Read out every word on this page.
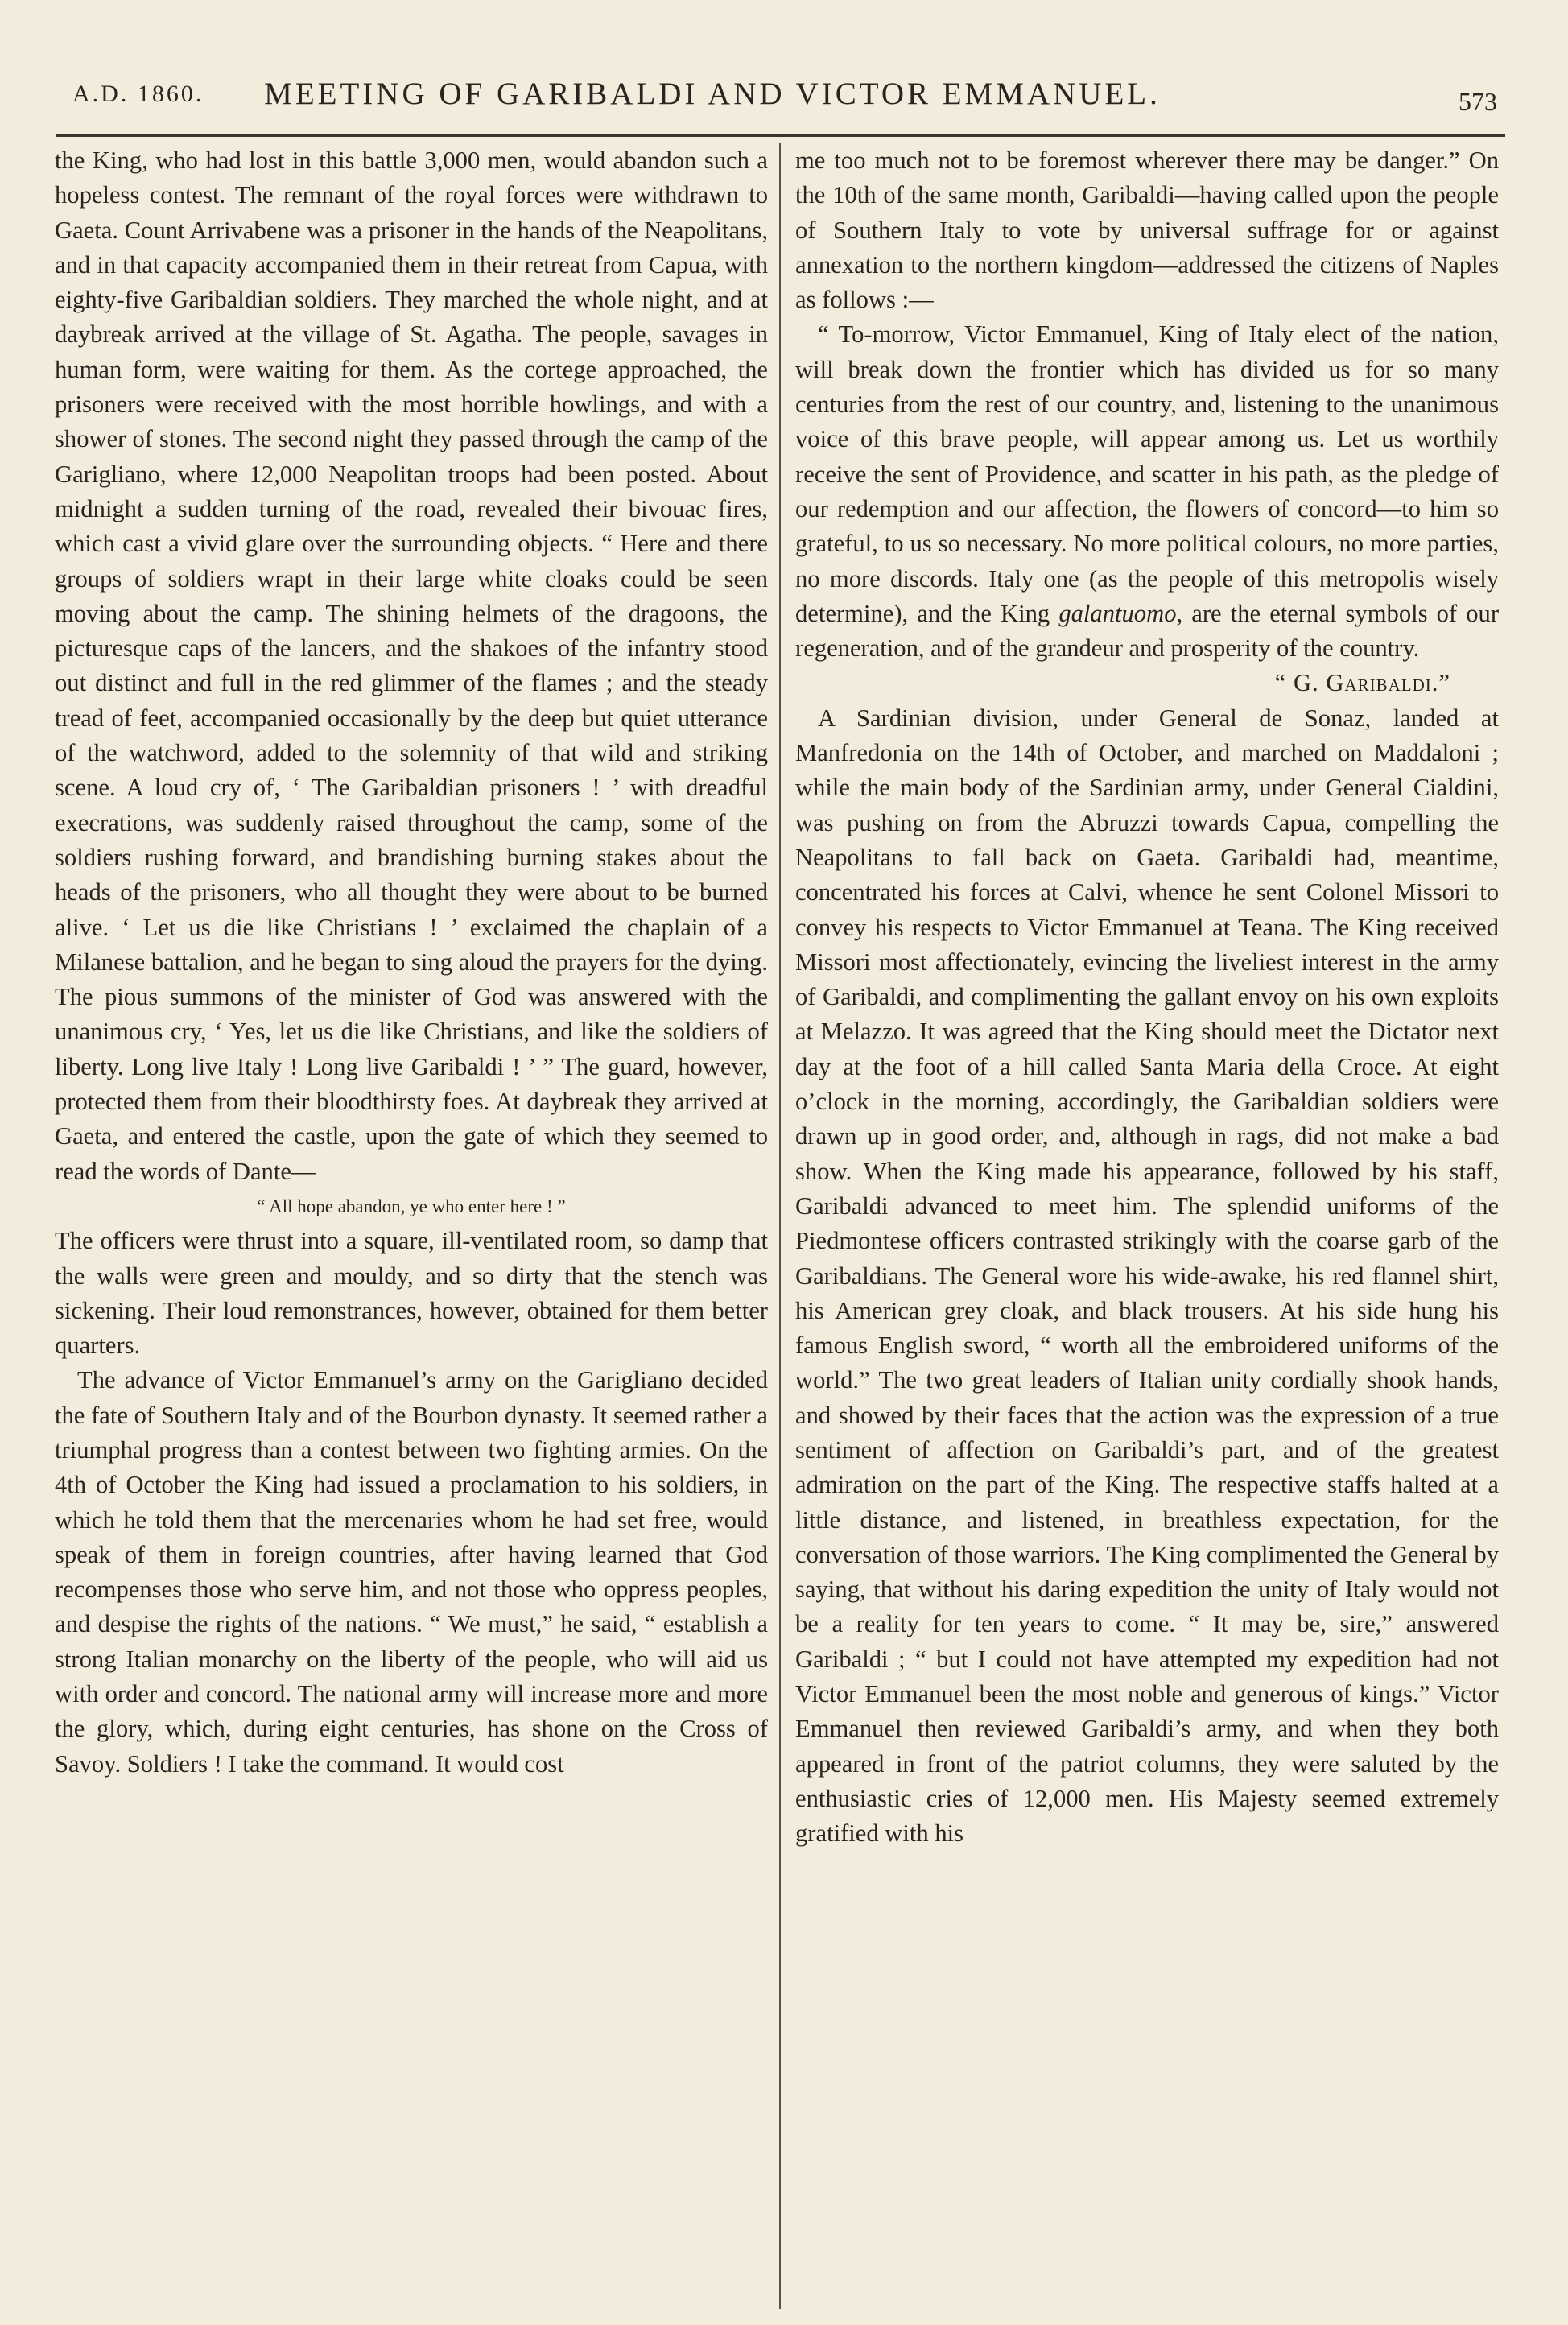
A.D. 1860.	MEETING OF GARIBALDI AND VICTOR EMMANUEL.	573

the King, who had lost in this battle 3,000 men, would abandon such a hopeless contest. The remnant of the royal forces were withdrawn to Gaeta. Count Arrivabene was a prisoner in the hands of the Neapolitans, and in that capacity accompanied them in their retreat from Capua, with eighty-five Garibaldian soldiers. They marched the whole night, and at daybreak arrived at the village of St. Agatha. The people, savages in human form, were waiting for them. As the cortege approached, the prisoners were received with the most horrible howlings, and with a shower of stones. The second night they passed through the camp of the Garigliano, where 12,000 Neapolitan troops had been posted. About midnight a sudden turning of the road, revealed their bivouac fires, which cast a vivid glare over the surrounding objects. “ Here and there groups of soldiers wrapt in their large white cloaks could be seen moving about the camp. The shining helmets of the dragoons, the picturesque caps of the lancers, and the shakoes of the infantry stood out distinct and full in the red glimmer of the flames ; and the steady tread of feet, accompanied occasionally by the deep but quiet utterance of the watchword, added to the solemnity of that wild and striking scene. A loud cry of, ‘ The Garibaldian prisoners ! ’ with dreadful execrations, was suddenly raised throughout the camp, some of the soldiers rushing forward, and brandishing burning stakes about the heads of the prisoners, who all thought they were about to be burned alive. ‘ Let us die like Christians ! ’ exclaimed the chaplain of a Milanese battalion, and he began to sing aloud the prayers for the dying. The pious summons of the minister of God was answered with the unanimous cry, ‘ Yes, let us die like Christians, and like the soldiers of liberty. Long live Italy ! Long live Garibaldi ! ’ ” The guard, however, protected them from their bloodthirsty foes. At daybreak they arrived at Gaeta, and entered the castle, upon the gate of which they seemed to read the words of Dante—

“ All hope abandon, ye who enter here ! ”

The officers were thrust into a square, ill-ventilated room, so damp that the walls were green and mouldy, and so dirty that the stench was sickening. Their loud remonstrances, however, obtained for them better quarters.

The advance of Victor Emmanuel’s army on the Garigliano decided the fate of Southern Italy and of the Bourbon dynasty. It seemed rather a triumphal progress than a contest between two fighting armies. On the 4th of October the King had issued a proclamation to his soldiers, in which he told them that the mercenaries whom he had set free, would speak of them in foreign countries, after having learned that God recompenses those who serve him, and not those who oppress peoples, and despise the rights of the nations. “ We must,” he said, “ establish a strong Italian monarchy on the liberty of the people, who will aid us with order and concord. The national army will increase more and more the glory, which, during eight centuries, has shone on the Cross of Savoy. Soldiers ! I take the command. It would cost

me too much not to be foremost wherever there may be danger.” On the 10th of the same month, Garibaldi—having called upon the people of Southern Italy to vote by universal suffrage for or against annexation to the northern kingdom—addressed the citizens of Naples as follows :—

“ To-morrow, Victor Emmanuel, King of Italy elect of the nation, will break down the frontier which has divided us for so many centuries from the rest of our country, and, listening to the unanimous voice of this brave people, will appear among us. Let us worthily receive the sent of Providence, and scatter in his path, as the pledge of our redemption and our affection, the flowers of concord—to him so grateful, to us so necessary. No more political colours, no more parties, no more discords. Italy one (as the people of this metropolis wisely determine), and the King galantuomo, are the eternal symbols of our regeneration, and of the grandeur and prosperity of the country.

“ G. Garibaldi.”

A Sardinian division, under General de Sonaz, landed at Manfredonia on the 14th of October, and marched on Maddaloni ; while the main body of the Sardinian army, under General Cialdini, was pushing on from the Abruzzi towards Capua, compelling the Neapolitans to fall back on Gaeta. Garibaldi had, meantime, concentrated his forces at Calvi, whence he sent Colonel Missori to convey his respects to Victor Emmanuel at Teana. The King received Missori most affectionately, evincing the liveliest interest in the army of Garibaldi, and complimenting the gallant envoy on his own exploits at Melazzo. It was agreed that the King should meet the Dictator next day at the foot of a hill called Santa Maria della Croce. At eight o’clock in the morning, accordingly, the Garibaldian soldiers were drawn up in good order, and, although in rags, did not make a bad show. When the King made his appearance, followed by his staff, Garibaldi advanced to meet him. The splendid uniforms of the Piedmontese officers contrasted strikingly with the coarse garb of the Garibaldians. The General wore his wide-awake, his red flannel shirt, his American grey cloak, and black trousers. At his side hung his famous English sword, “ worth all the embroidered uniforms of the world.” The two great leaders of Italian unity cordially shook hands, and showed by their faces that the action was the expression of a true sentiment of affection on Garibaldi’s part, and of the greatest admiration on the part of the King. The respective staffs halted at a little distance, and listened, in breathless expectation, for the conversation of those warriors. The King complimented the General by saying, that without his daring expedition the unity of Italy would not be a reality for ten years to come. “ It may be, sire,” answered Garibaldi ; “ but I could not have attempted my expedition had not Victor Emmanuel been the most noble and generous of kings.” Victor Emmanuel then reviewed Garibaldi’s army, and when they both appeared in front of the patriot columns, they were saluted by the enthusiastic cries of 12,000 men. His Majesty seemed extremely gratified with his
